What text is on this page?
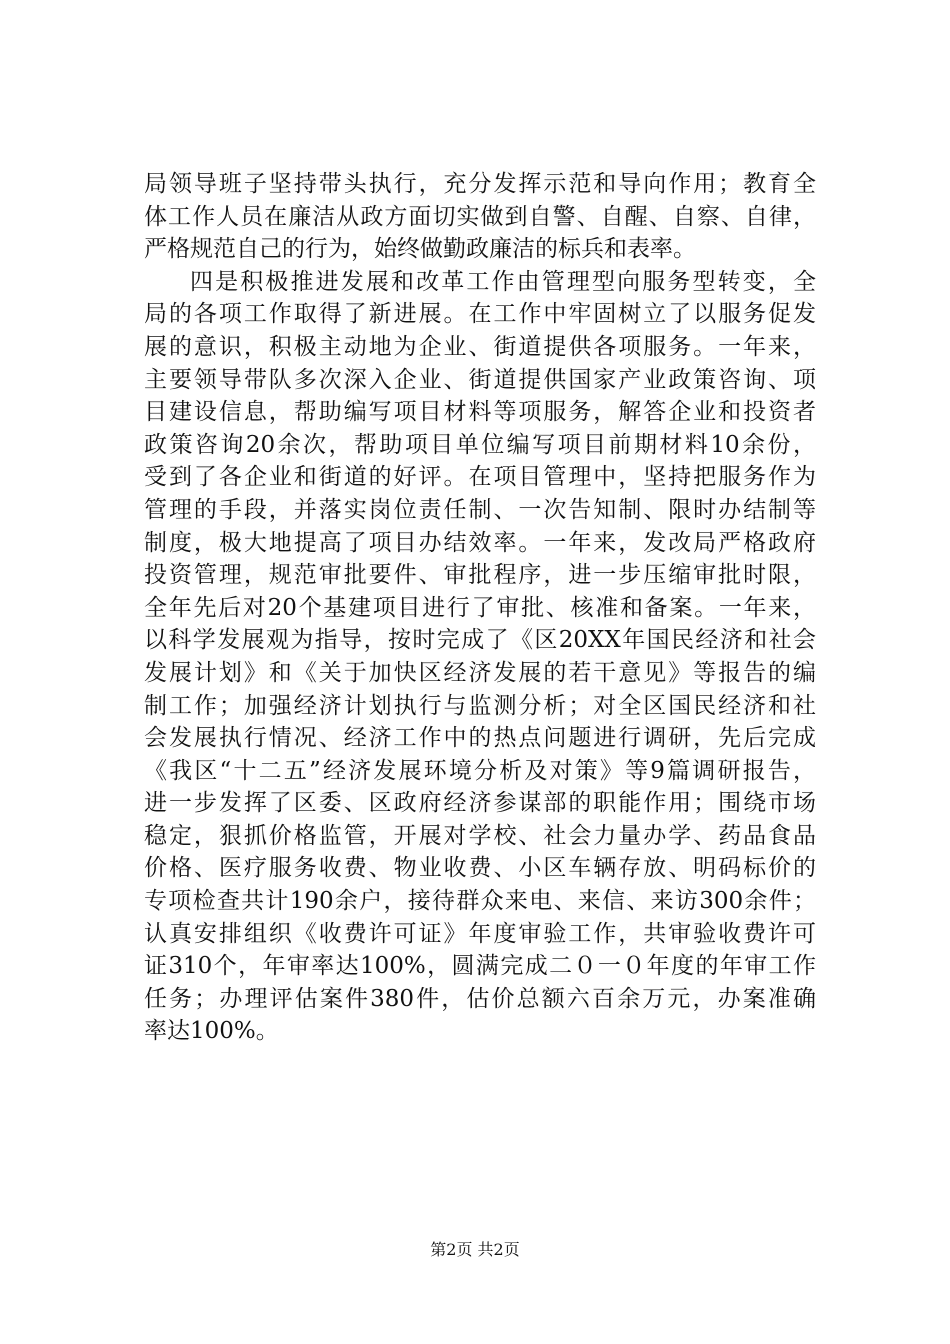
局领导班子坚持带头执行，充分发挥示范和导向作用；教育全
体工作人员在廉洁从政方面切实做到自警、自醒、自察、自律，
严格规范自己的行为，始终做勤政廉洁的标兵和表率。
四是积极推进发展和改革工作由管理型向服务型转变，全
局的各项工作取得了新进展。在工作中牢固树立了以服务促发
展的意识，积极主动地为企业、街道提供各项服务。一年来，
主要领导带队多次深入企业、街道提供国家产业政策咨询、项
目建设信息，帮助编写项目材料等项服务，解答企业和投资者
政策咨询20余次，帮助项目单位编写项目前期材料10余份，
受到了各企业和街道的好评。在项目管理中，坚持把服务作为
管理的手段，并落实岗位责任制、一次告知制、限时办结制等
制度，极大地提高了项目办结效率。一年来，发改局严格政府
投资管理，规范审批要件、审批程序，进一步压缩审批时限，
全年先后对20个基建项目进行了审批、核准和备案。一年来，
以科学发展观为指导，按时完成了《区20XX年国民经济和社会
发展计划》和《关于加快区经济发展的若干意见》等报告的编
制工作；加强经济计划执行与监测分析；对全区国民经济和社
会发展执行情况、经济工作中的热点问题进行调研，先后完成
《我区“十二五”经济发展环境分析及对策》等9篇调研报告，
进一步发挥了区委、区政府经济参谋部的职能作用；围绕市场
稳定，狠抓价格监管，开展对学校、社会力量办学、药品食品
价格、医疗服务收费、物业收费、小区车辆存放、明码标价的
专项检查共计190余户，接待群众来电、来信、来访300余件；
认真安排组织《收费许可证》年度审验工作，共审验收费许可
证310个，年审率达100%，圆满完成二０一０年度的年审工作
任务；办理评估案件380件，估价总额六百余万元，办案准确
率达100%。
第2页 共2页
